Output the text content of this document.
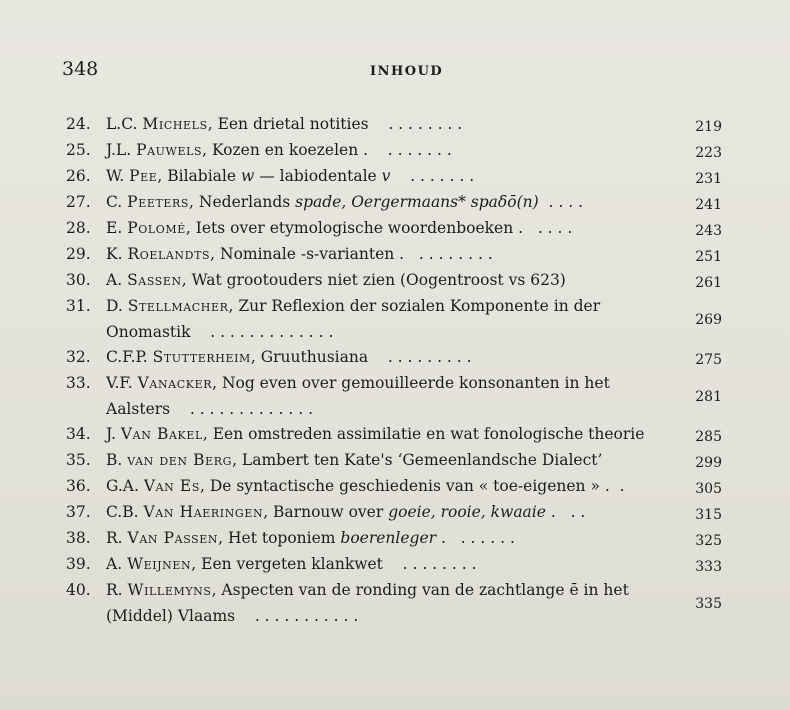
348	INHOUD
24. L.C. Michels, Een drietal notities . . . . . . . .	219
25. J.L. Pauwels, Kozen en koezelen . . . . . . . .	223
26. W. Pee, Bilabiale w — labiodentale v . . . . . . .	231
27. C. Peeters, Nederlands spade, Oergermaans* spaδō(n) . . . .	241
28. E. Polomé, Iets over etymologische woordenboeken . . . . .	243
29. K. Roelandts, Nominale -s-varianten . . . . . . . . .	251
30. A. Sassen, Wat grootouders niet zien (Oogentroost vs 623)	261
31. D. Stellmacher, Zur Reflexion der sozialen Komponente in der
Onomastik . . . . . . . . . . . . .
269
32. C.F.P. Stutterheim, Gruuthusiana . . . . . . . . .	275
33. V.F. Vanacker, Nog even over gemouilleerde konsonanten in het
Aalsters . . . . . . . . . . . . .
281
34. J. Van Bakel, Een omstreden assimilatie en wat fonologische theorie	285
35. B. van den Berg, Lambert ten Kate's ‘Gemeenlandsche Dialect’	299
36. G.A. Van Es, De syntactische geschiedenis van « toe-eigenen » . .	305
37. C.B. Van Haeringen, Barnouw over goeie, rooie, kwaaie . . .	315
38. R. Van Passen, Het toponiem boerenleger . . . . . . .	325
39. A. Weijnen, Een vergeten klankwet . . . . . . . .	333
40. R. Willemyns, Aspecten van de ronding van de zachtlange ē in het
(Middel) Vlaams . . . . . . . . . . .
335
